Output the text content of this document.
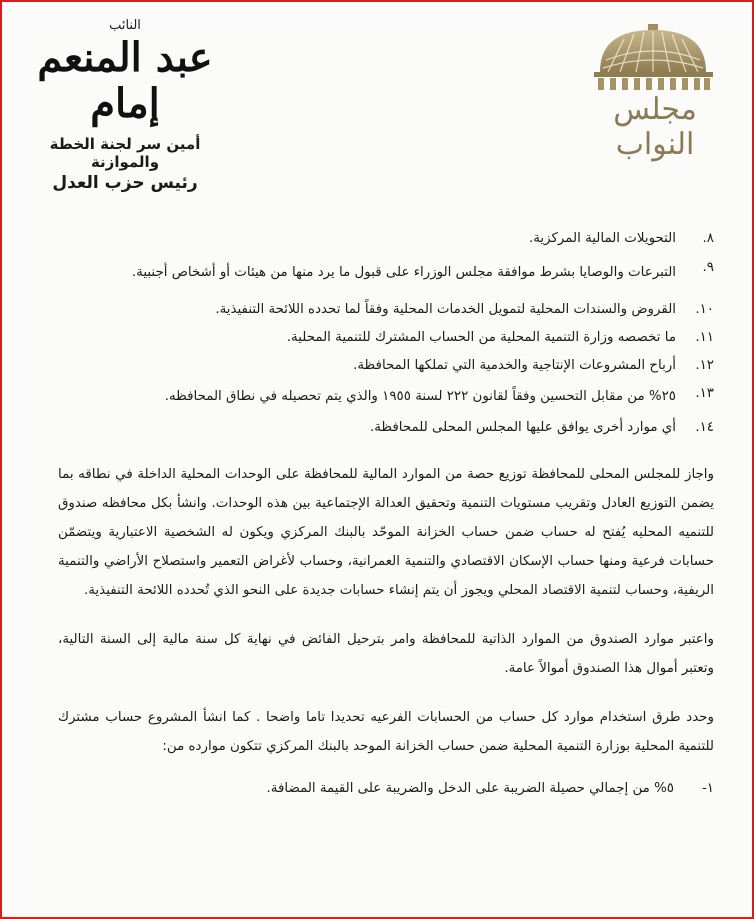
مجلس النواب
النائب
عبد المنعم إمام
أمين سر لجنة الخطة والموازنة
رئيس حزب العدل
٨.
التحويلات المالية المركزية.
٩.
التبرعات والوصايا بشرط موافقة مجلس الوزراء على قبول ما يرد منها من هيئات أو أشخاص أجنبية.
١٠.
القروض والسندات المحلية لتمويل الخدمات المحلية وفقاً لما تحدده اللائحة التنفيذية.
١١.
ما تخصصه وزارة التنمية المحلية من الحساب المشترك للتنمية المحلية.
١٢.
أرباح المشروعات الإنتاجية والخدمية التي تملكها المحافظة.
١٣.
٢٥% من مقابل التحسين وفقاً لقانون ٢٢٢ لسنة ١٩٥٥ والذي يتم تحصيله في نطاق المحافظه.
١٤.
أي موارد أخرى يوافق عليها المجلس المحلى للمحافظة.
واجاز للمجلس المحلى للمحافظة توزيع حصة من الموارد المالية للمحافظة على الوحدات المحلية الداخلة في نطاقه بما يضمن التوزيع العادل وتقريب مستويات التنمية وتحقيق العدالة الإجتماعية بين هذه الوحدات. وانشأ بكل محافظه صندوق للتنميه المحليه يُفتح له حساب ضمن حساب الخزانة الموحّد بالبنك المركزي ويكون له الشخصية الاعتبارية ويتضمّن حسابات فرعية ومنها حساب الإسكان الاقتصادي والتنمية العمرانية، وحساب لأغراض التعمير واستصلاح الأراضي والتنمية الريفية، وحساب لتنمية الاقتصاد المحلي ويجوز أن يتم إنشاء حسابات جديدة على النحو الذي تُحدده اللائحة التنفيذية.
واعتبر موارد الصندوق من الموارد الذاتية للمحافظة وامر بترحيل الفائض في نهاية كل سنة مالية إلى السنة التالية، وتعتبر أموال هذا الصندوق أموالاً عامة.
وحدد طرق استخدام موارد كل حساب من الحسابات الفرعيه تحديدا تاما واضحا . كما انشأ المشروع حساب مشترك للتنمية المحلية بوزارة التنمية المحلية ضمن حساب الخزانة الموحد بالبنك المركزي تتكون موارده من:
١-
٥% من إجمالي حصيلة الضريبة على الدخل والضريبة على القيمة المضافة.
